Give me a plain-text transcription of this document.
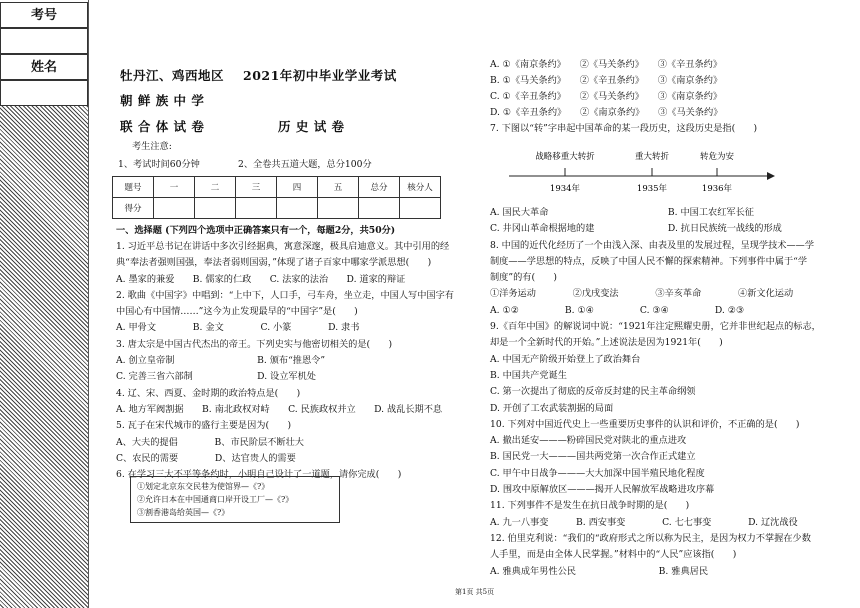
考号
姓名
牡丹江、鸡西地区 2021年初中毕业学业考试
朝 鲜 族 中 学
联 合 体 试 卷	历 史 试 卷
考生注意:
1、考试时间60分钟	2、全卷共五道大题，总分100分
题号	一	二	三	四	五	总分	核分人
得分							
一、选择题 (下列四个选项中正确答案只有一个，每题2分，共50分)
1. 习近平总书记在讲话中多次引经据典，寓意深邃，极具启迪意义。其中引用的经
典“奉法者强则国强，奉法者弱则国弱，”体现了诸子百家中哪家学派思想(　　)
A. 墨家的兼爱　　B. 儒家的仁政　　C. 法家的法治　　D. 道家的辩证
2. 歌曲《中国字》中唱到：“上中下，人口手，弓车舟，坐立走，中国人写中国字有
中国心有中国情……”这今为止发现最早的“中国字”是(　　)
A. 甲骨文　　　　B. 金文　　　　C. 小篆　　　　D. 隶书
3. 唐太宗是中国古代杰出的帝王。下列史实与他密切相关的是(　　)
A. 创立皇帝制　　　　　　　　　B. 颁布“推恩令”
C. 完善三省六部制　　　　　　　D. 设立军机处
4. 辽、宋、西夏、金时期的政治特点是(　　)
A. 地方军阀割据　　B. 南北政权对峙　　C. 民族政权并立　　D. 战乱长期不息
5. 瓦子在宋代城市的盛行主要是因为(　　)
A、大夫的提倡　　　　B、市民阶层不断壮大
C、农民的需要　　　　D、达官贵人的需要
6. 在学习三大不平等条约时，小明自己设计了一道题，请你完成(　　)
①划定北京东交民巷为使馆界—《?》
②允许日本在中国通商口岸开设工厂—《?》
③割香港岛给英国—《?》
A. ①《南京条约》　　②《马关条约》　　③《辛丑条约》
B. ①《马关条约》　　②《辛丑条约》　　③《南京条约》
C. ①《辛丑条约》　　②《马关条约》　　③《南京条约》
D. ①《辛丑条约》　　②《南京条约》　　③《马关条约》
7. 下图以“转”字串起中国革命的某一段历史，这段历史是指(　　)
战略移重大转折	重大转折	转危为安
1934年	1935年	1936年
A. 国民大革命　　　　　　　　　　　　　B. 中国工农红军长征
C. 井冈山革命根据地的建　　　　　　　　D. 抗日民族统一战线的形成
8. 中国的近代化经历了一个由浅入深、由表及里的发展过程，呈现学技术——学
制度——学思想的特点，反映了中国人民不懈的探索精神。下列事件中属于“学
制度”的有(　　)
①洋务运动　　　　②戊戌变法　　　　③辛亥革命　　　　④新文化运动
A. ①②　　　　　B. ①④　　　　　C. ③④　　　　　D. ②③
9.《百年中国》的解说词中说：“1921年注定熙耀史册，它并非世纪起点的标志，
却是一个全新时代的开始。”上述说法是因为1921年(　　)
A. 中国无产阶级开始登上了政治舞台
B. 中国共产党诞生
C. 第一次提出了彻底的反帝反封建的民主革命纲领
D. 开创了工农武装割据的局面
10. 下列对中国近代史上一些重要历史事件的认识和评价，不正确的是(　　)
A. 撤出延安———粉碎国民党对陕北的重点进攻
B. 国民党一大———国共两党第一次合作正式建立
C. 甲午中日战争———大大加深中国半殖民地化程度
D. 围攻中原解放区———揭开人民解放军战略进攻序幕
11. 下列事件不是发生在抗日战争时期的是(　　)
A. 九一八事变　　　B. 西安事变　　　　C. 七七事变　　　　D. 辽沈战役
12. 伯里克利说：“我们的“政府形式之所以称为民主，是因为权力不掌握在少数
人手里，而是由全体人民掌握。”材料中的“人民”应该指(　　)
A. 雅典成年男性公民　　　　　　　　　B. 雅典居民
第1页 共5页
